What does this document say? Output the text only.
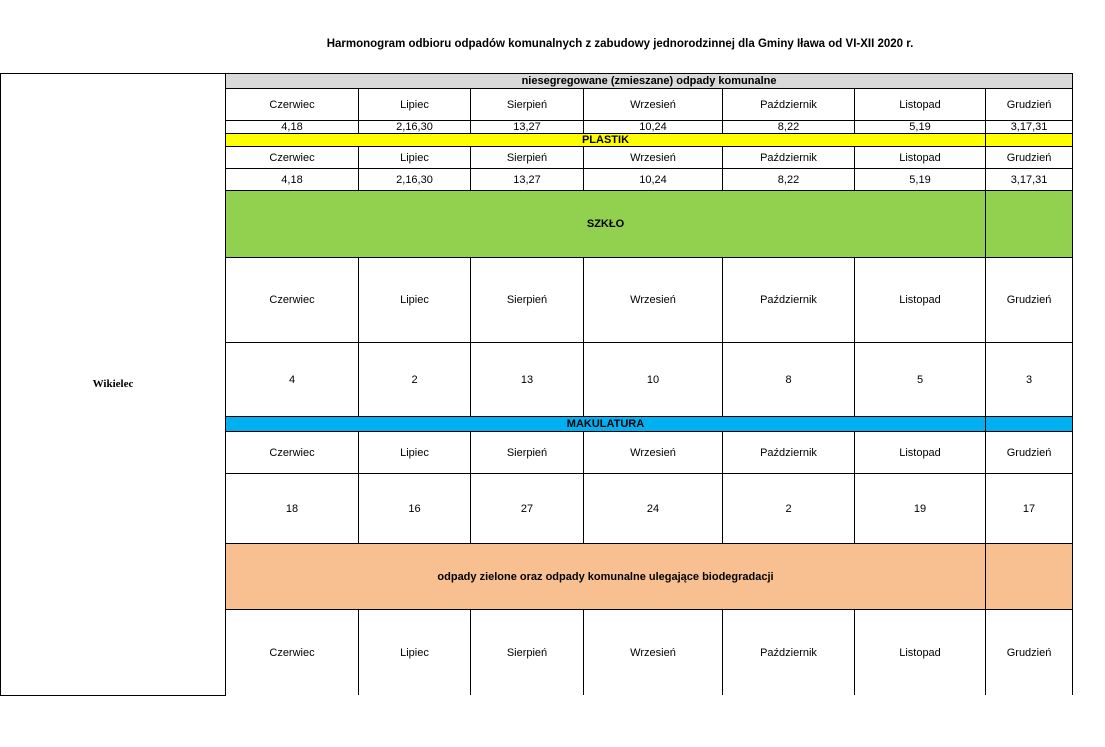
Harmonogram odbioru odpadów komunalnych z zabudowy jednorodzinnej dla Gminy Iława od VI-XII 2020 r.
Wikielec	niesegregowane (zmieszane) odpady komunalne						
	Czerwiec	Lipiec	Sierpień	Wrzesień	Październik	Listopad	Grudzień
	4,18	2,16,30	13,27	10,24	8,22	5,19	3,17,31
	PLASTIK						
	Czerwiec	Lipiec	Sierpień	Wrzesień	Październik	Listopad	Grudzień
	4,18	2,16,30	13,27	10,24	8,22	5,19	3,17,31
	SZKŁO						
	Czerwiec	Lipiec	Sierpień	Wrzesień	Październik	Listopad	Grudzień
	4	2	13	10	8	5	3
	MAKULATURA						
	Czerwiec	Lipiec	Sierpień	Wrzesień	Październik	Listopad	Grudzień
	18	16	27	24	2	19	17
	odpady zielone oraz odpady komunalne ulegające biodegradacji						
	Czerwiec	Lipiec	Sierpień	Wrzesień	Październik	Listopad	Grudzień
